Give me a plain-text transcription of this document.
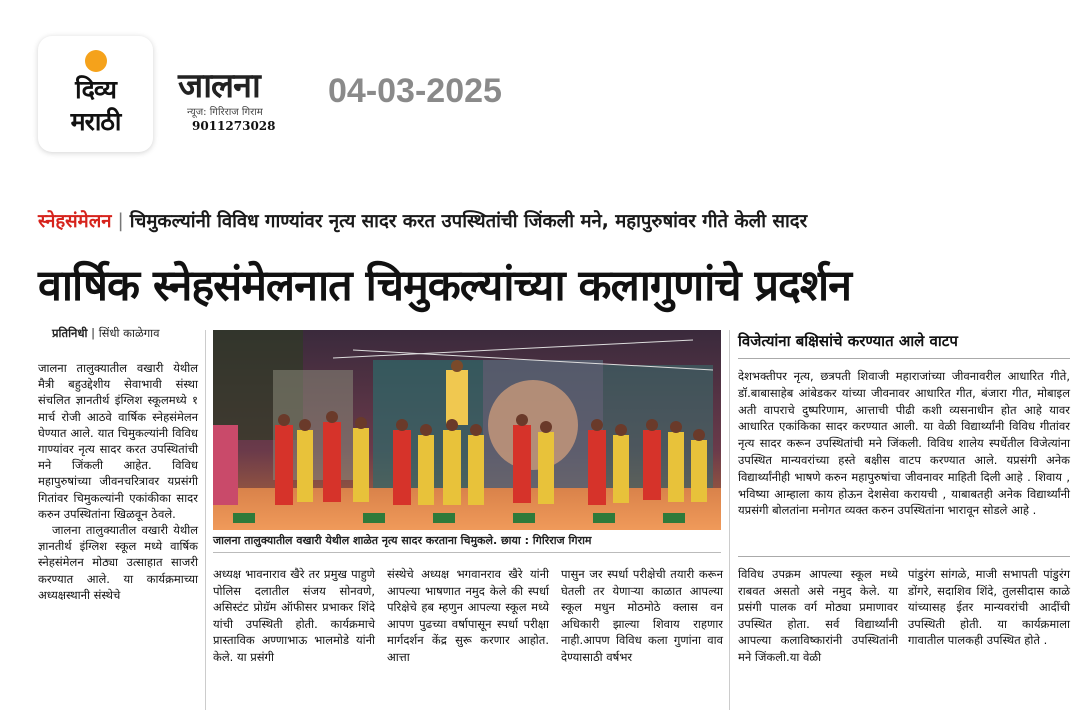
दिव्य
मराठी
जालना
न्यूज: गिरिराज गिराम
9011273028
04-03-2025
स्नेहसंमेलन | चिमुकल्यांनी विविध गाण्यांवर नृत्य सादर करत उपस्थितांची जिंकली मने, महापुरुषांवर गीते केली सादर
वार्षिक स्नेहसंमेलनात चिमुकल्यांच्या कलागुणांचे प्रदर्शन
प्रतिनिधी | सिंधी काळेगाव

जालना तालुक्यातील वखारी येथील मैत्री बहुउद्देशीय सेवाभावी संस्था संचलित ज्ञानतीर्थ इंग्लिश स्कूलमध्ये १ मार्च रोजी आठवे वार्षिक स्नेहसंमेलन घेण्यात आले. यात चिमुकल्यांनी विविध गाण्यांवर नृत्य सादर करत उपस्थितांची मने जिंकली आहेत. विविध महापुरुषांच्या जीवनचरित्रावर यप्रसंगी गितांवर चिमुकल्यांनी एकांकीका सादर करुन उपस्थितांना खिळवून ठेवले.

जालना तालुक्यातील वखारी येथील ज्ञानतीर्थ इंग्लिश स्कूल मध्ये वार्षिक स्नेहसंमेलन मोठ्या उत्साहात साजरी करण्यात आले. या कार्यक्रमाच्या अध्यक्षस्थानी संस्थेचे

जालना तालुक्यातील वखारी येथील शाळेत नृत्य सादर करताना चिमुकले. छाया : गिरिराज गिराम
विजेत्यांना बक्षिसांचे करण्यात आले वाटप
देशभक्तीपर नृत्य, छत्रपती शिवाजी महाराजांच्या जीवनावरील आधारित गीते, डॉ.बाबासाहेब आंबेडकर यांच्या जीवनावर आधारित गीत, बंजारा गीत, मोबाइल अती वापराचे दुष्परिणाम, आत्ताची पीढी कशी व्यसनाधीन होत आहे यावर आधारित एकांकिका सादर करण्यात आली. या वेळी विद्यार्थ्यांनी विविध गीतांवर नृत्य सादर करून उपस्थितांची मने जिंकली. विविध शालेय स्पर्धेतील विजेत्यांना उपस्थित मान्यवरांच्या हस्ते बक्षीस वाटप करण्यात आले. यप्रसंगी अनेक विद्यार्थ्यांनीही भाषणे करुन महापुरुषांचा जीवनावर माहिती दिली आहे . शिवाय , भविष्या आम्हाला काय होऊन देशसेवा करायची , याबाबतही अनेक विद्यार्थ्यांनी यप्रसंगी बोलतांना मनोगत व्यक्त करुन उपस्थितांना भारावून सोडले आहे .
अध्यक्ष भावनाराव खैरे तर प्रमुख पाहुणे पोलिस दलातील संजय सोनवणे, असिस्टंट प्रोग्रॅम ऑफीसर प्रभाकर शिंदे यांची उपस्थिती होती. कार्यक्रमाचे प्रास्ताविक अण्णाभाऊ भालमोडे यांनी केले. या प्रसंगी
संस्थेचे अध्यक्ष भगवानराव खैरे यांनी आपल्या भाषणात नमुद केले की स्पर्धा परिक्षेचे हब म्हणुन आपल्या स्कूल मध्ये आपण पुढच्या वर्षापासून स्पर्धा परीक्षा मार्गदर्शन केंद्र सुरू करणार आहोत. आत्ता
पासुन जर स्पर्धा परीक्षेची तयारी करून घेतली तर येणाऱ्या काळात आपल्या स्कूल मधुन मोठमोठे क्लास वन अधिकारी झाल्या शिवाय राहणार नाही.आपण विविध कला गुणांना वाव देण्यासाठी वर्षभर
विविध उपक्रम आपल्या स्कूल मध्ये राबवत असतो असे नमुद केले. या प्रसंगी पालक वर्ग मोठ्या प्रमाणावर उपस्थित होता. सर्व विद्यार्थ्यांनी आपल्या कलाविष्कारांनी उपस्थितांनी मने जिंकली.या वेळी
पांडुरंग सांगळे, माजी सभापती पांडुरंग डोंगरे, सदाशिव शिंदे, तुलसीदास काळे यांच्यासह ईतर मान्यवरांची आदींची उपस्थिती होती. या कार्यक्रमाला गावातील पालकही उपस्थित होते .
